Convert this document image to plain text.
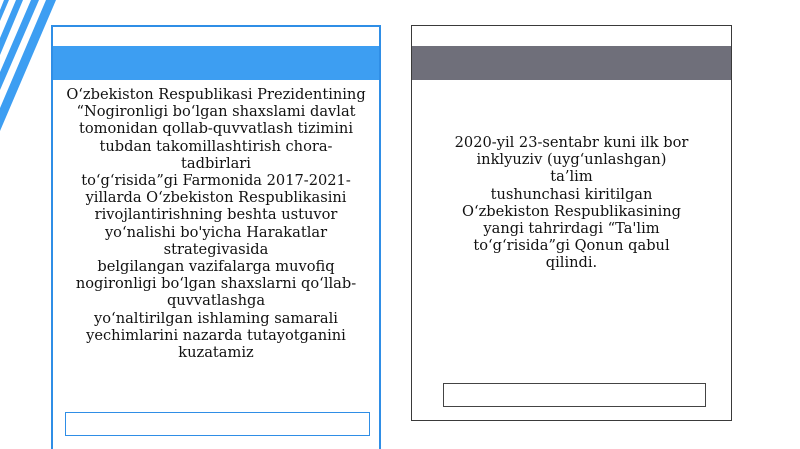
O‘zbekiston Respublikasi Prezidentining
“Nogironligi bo‘lgan shaxslami davlat
tomonidan qollab-quvvatlash tizimini
tubdan takomillashtirish chora-
tadbirlari
to‘g‘risida”gi Farmonida 2017-2021-
yillarda O‘zbekiston Respublikasini
rivojlantirishning beshta ustuvor
yo‘nalishi bo'yicha Harakatlar
strategivasida
belgilangan vazifalarga muvofiq
nogironligi bo‘lgan shaxslarni qo‘llab-
quvvatlashga
yo‘naltirilgan ishlaming samarali
yechimlarini nazarda tutayotganini
kuzatamiz
2020-yil 23-sentabr kuni ilk bor
inklyuziv (uyg‘unlashgan)
ta’lim
tushunchasi kiritilgan
O‘zbekiston Respublikasining
yangi tahrirdagi “Ta'lim
to‘g‘risida”gi Qonun qabul
qilindi.
